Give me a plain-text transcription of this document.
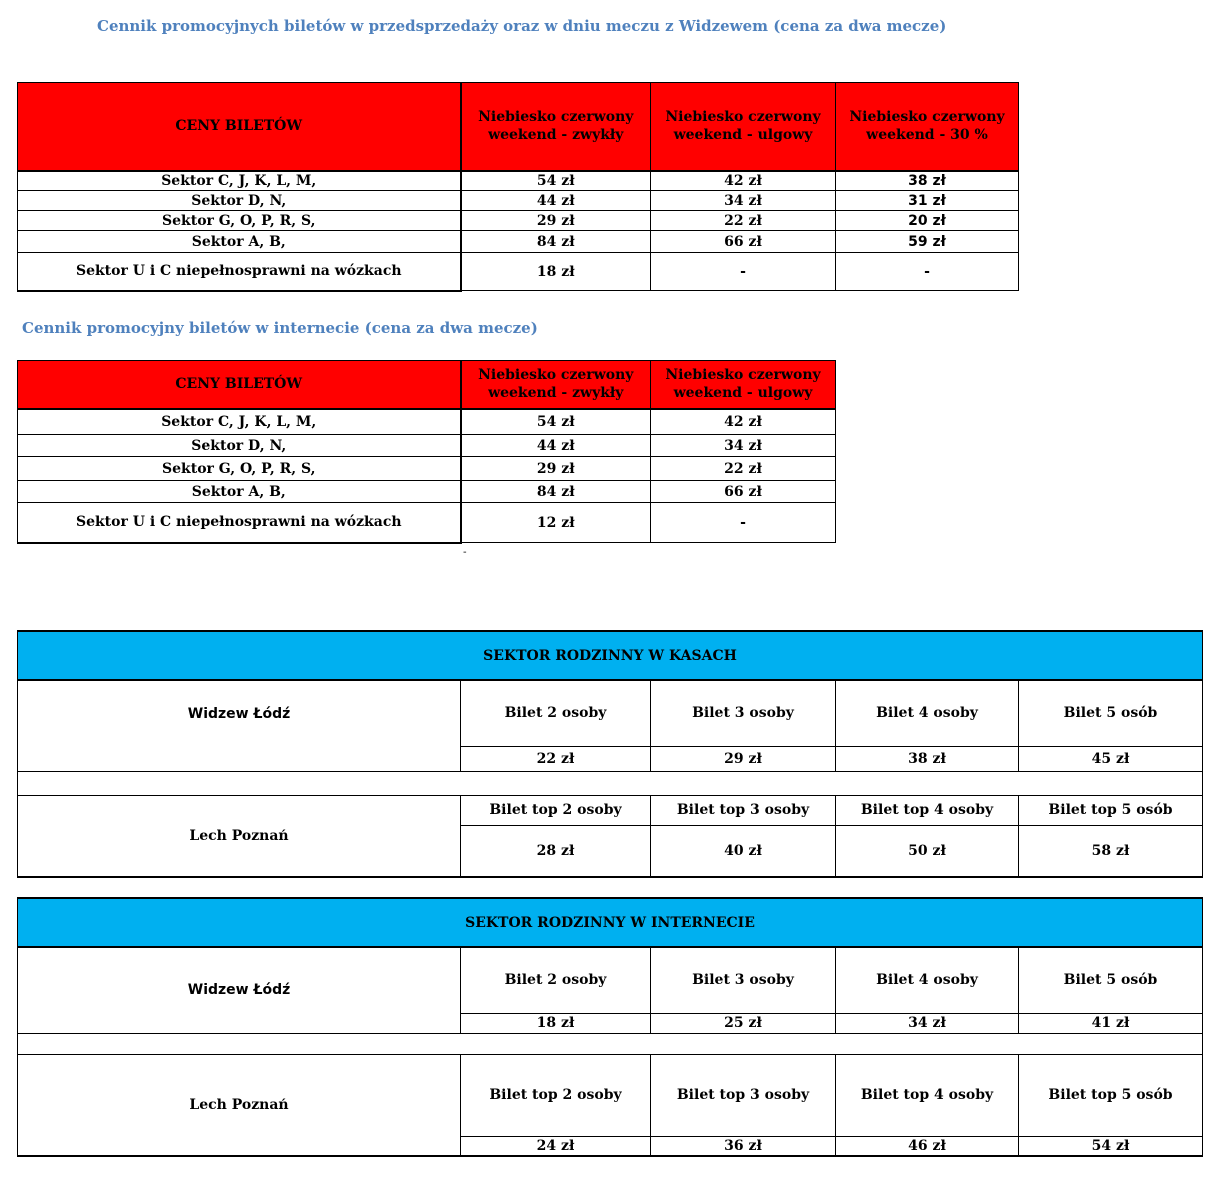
Cennik promocyjnych biletów w przedsprzedaży oraz w dniu meczu z Widzewem (cena za dwa mecze)
CENY BILETÓW	Niebiesko czerwony weekend - zwykły	Niebiesko czerwony weekend - ulgowy	Niebiesko czerwony weekend - 30 %
Sektor C, J, K, L, M,	54 zł	42 zł	38 zł
Sektor D, N,	44 zł	34 zł	31 zł
Sektor G, O, P, R, S,	29 zł	22 zł	20 zł
Sektor A, B,	84 zł	66 zł	59 zł
Sektor U i C niepełnosprawni na wózkach	18 zł	-	-
Cennik promocyjny biletów w internecie (cena za dwa mecze)
CENY BILETÓW	Niebiesko czerwony weekend - zwykły	Niebiesko czerwony weekend - ulgowy
Sektor C, J, K, L, M,	54 zł	42 zł
Sektor D, N,	44 zł	34 zł
Sektor G, O, P, R, S,	29 zł	22 zł
Sektor A, B,	84 zł	66 zł
Sektor U i C niepełnosprawni na wózkach	12 zł	-
-
SEKTOR RODZINNY W KASACH				
Widzew Łódź	Bilet 2 osoby	Bilet 3 osoby	Bilet 4 osoby	Bilet 5 osób
	22 zł	29 zł	38 zł	45 zł

Lech Poznań	Bilet top 2 osoby	Bilet top 3 osoby	Bilet top 4 osoby	Bilet top 5 osób
	28 zł	40 zł	50 zł	58 zł
SEKTOR RODZINNY W INTERNECIE				
Widzew Łódź	Bilet 2 osoby	Bilet 3 osoby	Bilet 4 osoby	Bilet 5 osób
	18 zł	25 zł	34 zł	41 zł

Lech Poznań	Bilet top 2 osoby	Bilet top 3 osoby	Bilet top 4 osoby	Bilet top 5 osób
	24 zł	36 zł	46 zł	54 zł
